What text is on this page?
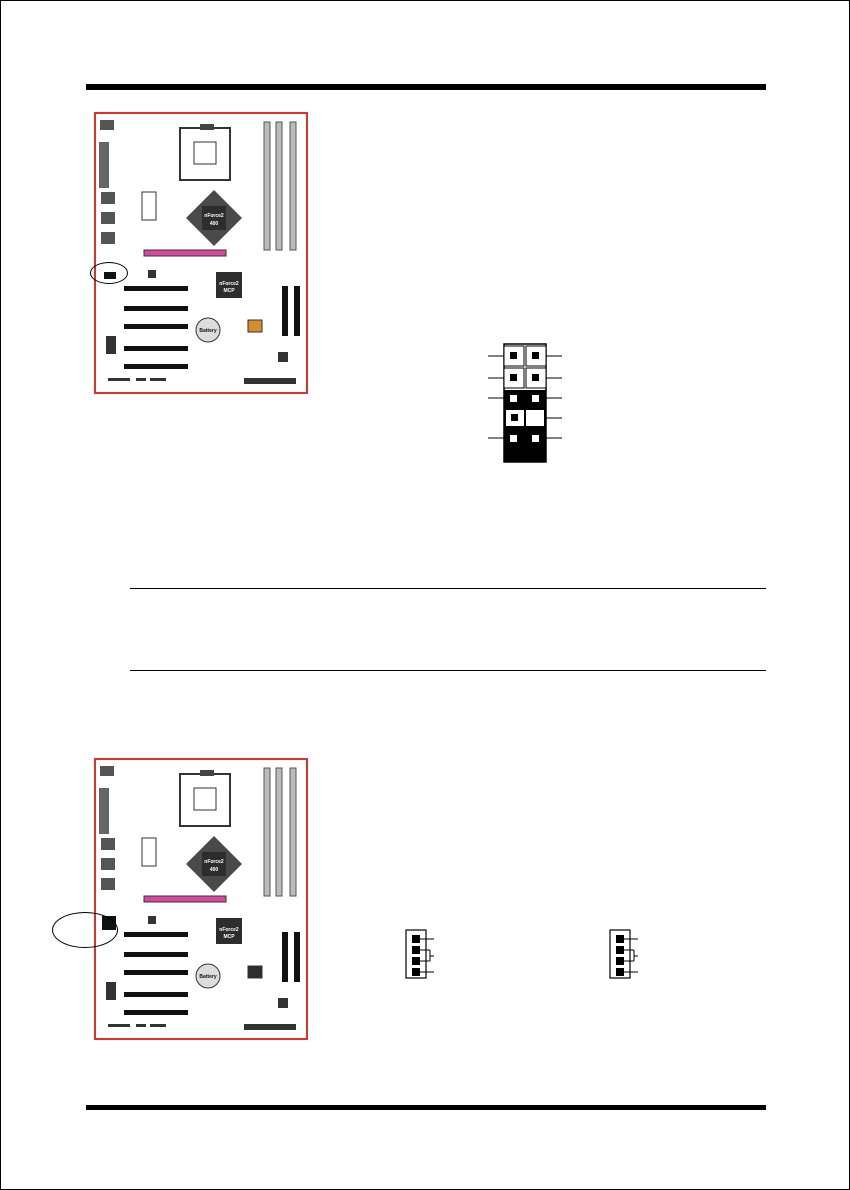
nForce2
400
nForce2
MCP
Battery
nForce2
400
nForce2
MCP
Battery
